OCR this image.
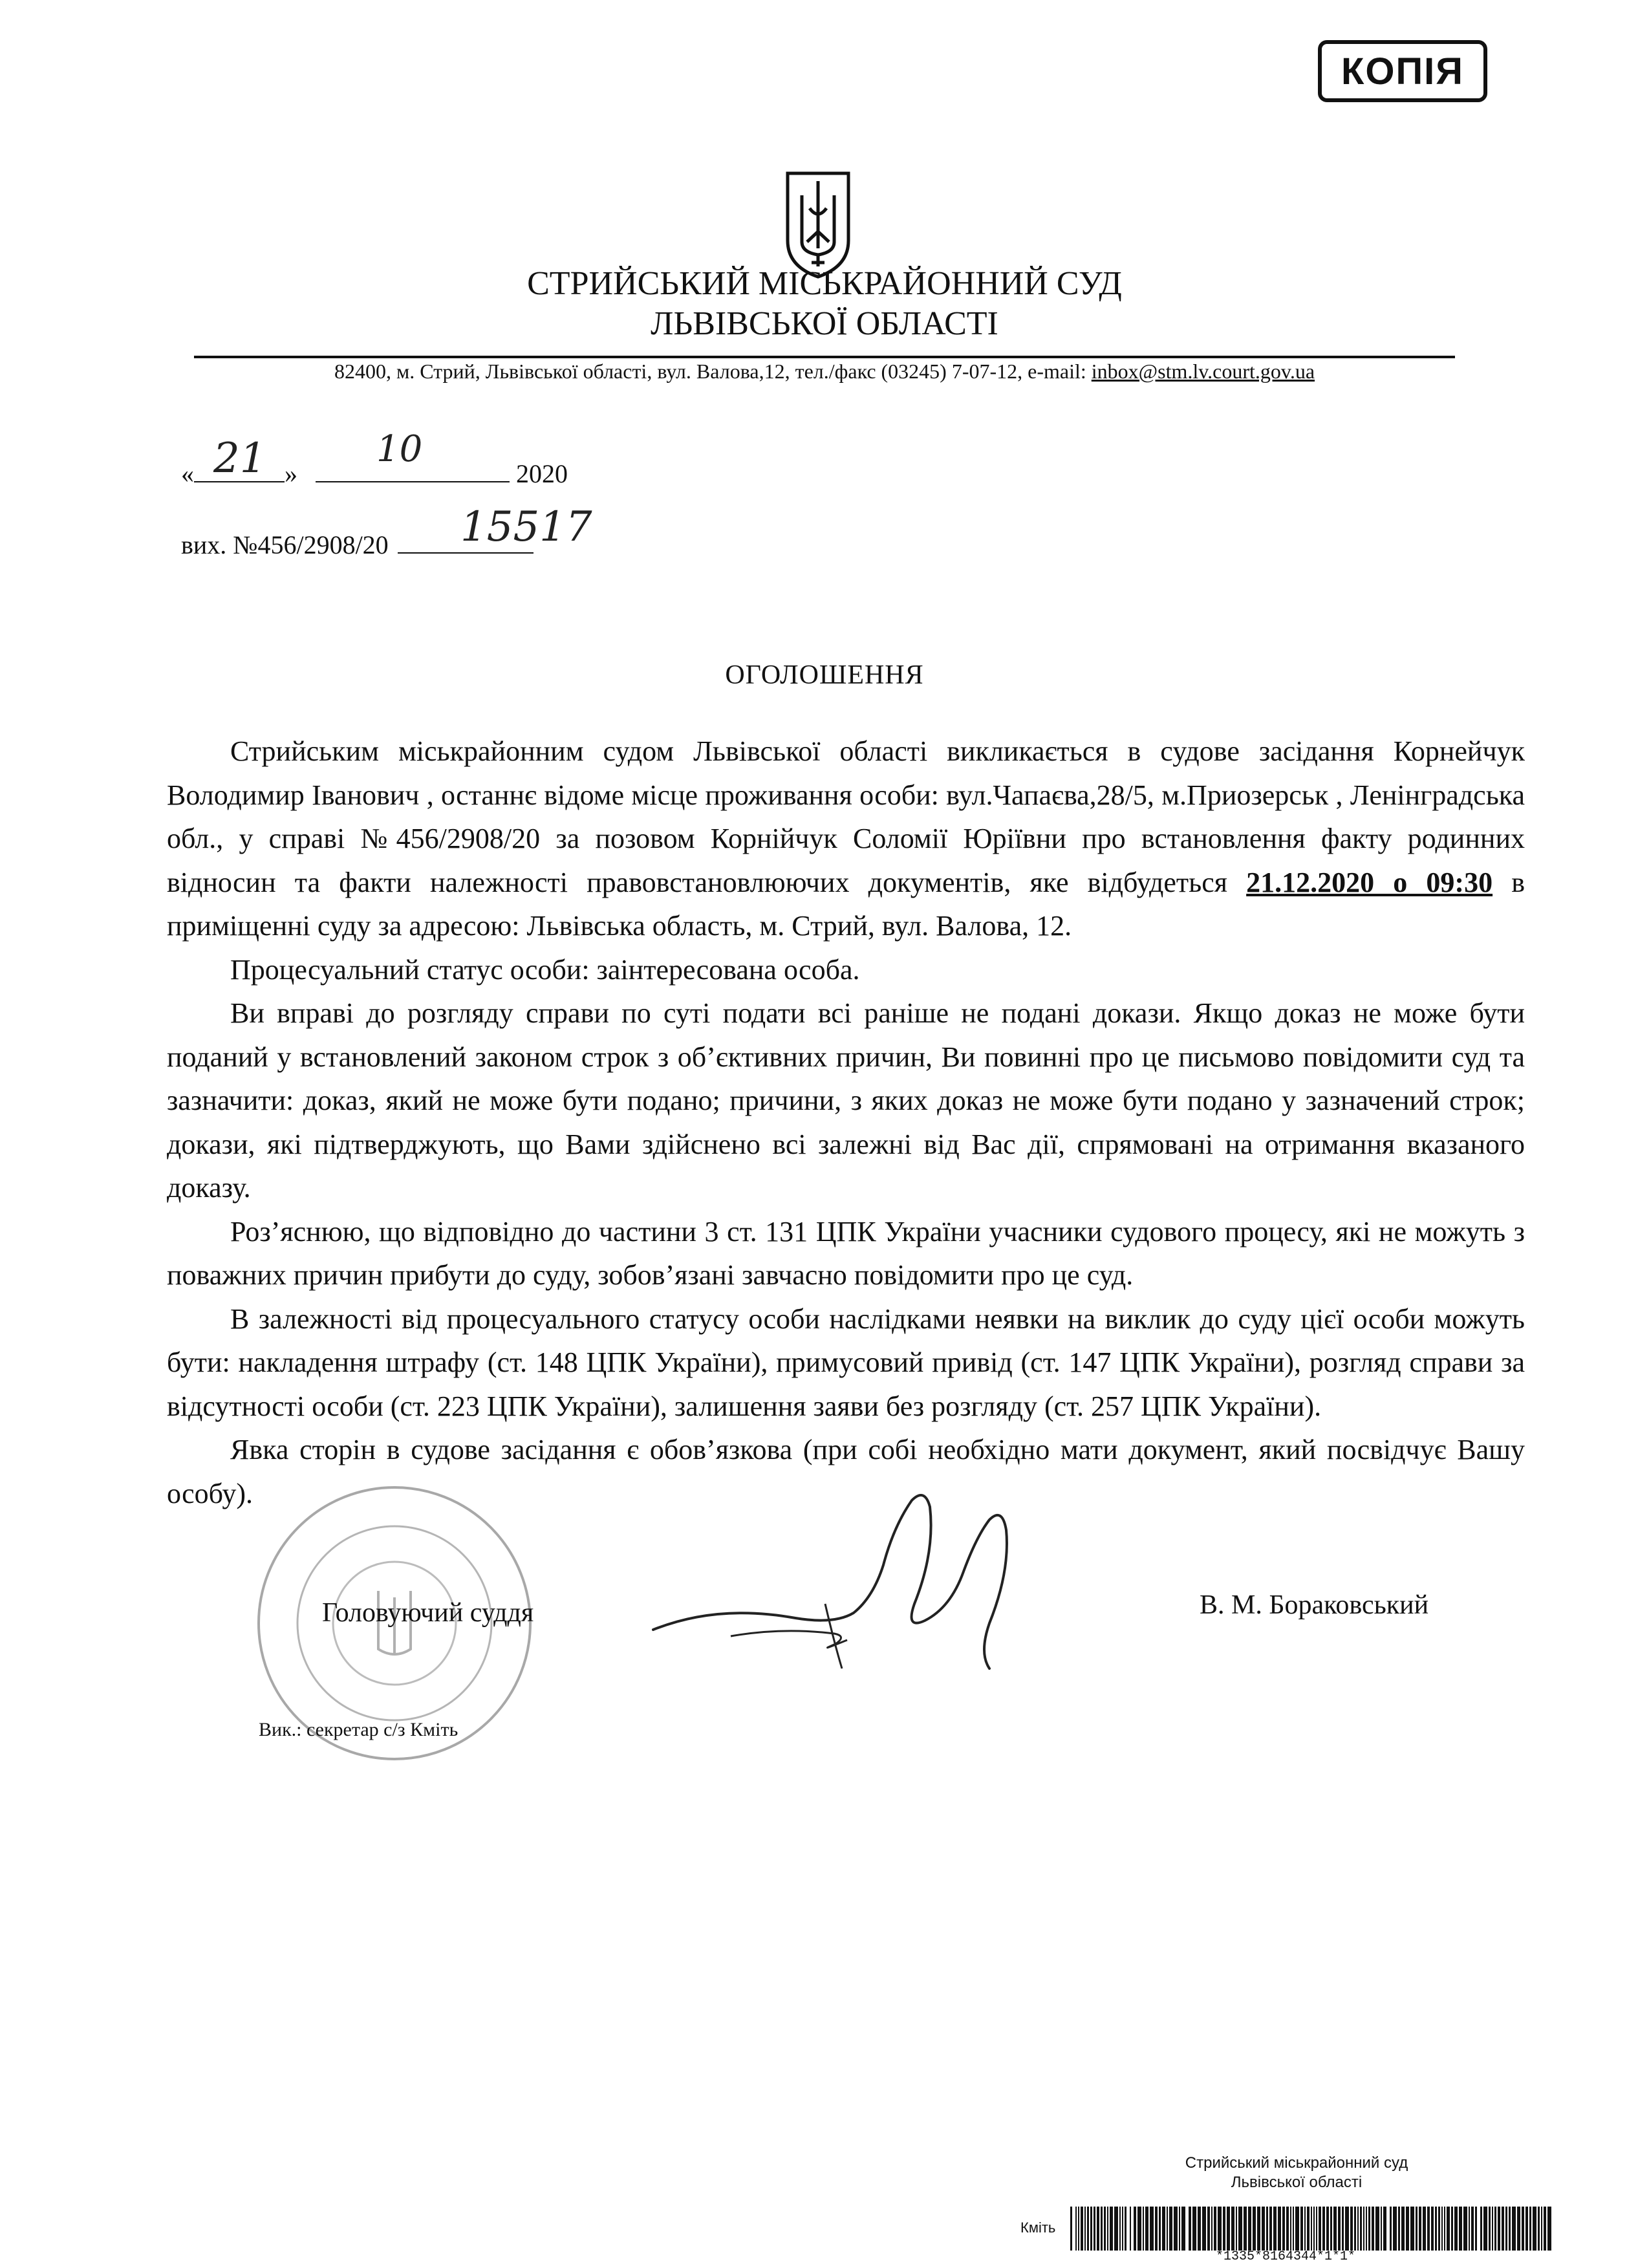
КОПІЯ
СТРИЙСЬКИЙ МІСЬКРАЙОННИЙ СУД
ЛЬВІВСЬКОЇ ОБЛАСТІ
82400, м. Стрий, Львівської області, вул. Валова,12, тел./факс (03245) 7-07-12, e-mail: inbox@stm.lv.court.gov.ua
«	»	2020
21	10
вих. №456/2908/20	15517
ОГОЛОШЕННЯ

Стрийським міськрайонним судом Львівської області викликається в судове засідання Корнейчук Володимир Іванович , останнє відоме місце проживання особи: вул.Чапаєва,28/5, м.Приозерськ , Ленінградська обл., у справі №456/2908/20 за позовом Корнійчук Соломії Юріївни про встановлення факту родинних відносин та факти належності правовстановлюючих документів, яке відбудеться 21.12.2020 о 09:30 в приміщенні суду за адресою: Львівська область, м. Стрий, вул. Валова, 12.

Процесуальний статус особи: заінтересована особа.

Ви вправі до розгляду справи по суті подати всі раніше не подані докази. Якщо доказ не може бути поданий у встановлений законом строк з об’єктивних причин, Ви повинні про це письмово повідомити суд та зазначити: доказ, який не може бути подано; причини, з яких доказ не може бути подано у зазначений строк; докази, які підтверджують, що Вами здійснено всі залежні від Вас дії, спрямовані на отримання вказаного доказу.

Роз’яснюю, що відповідно до частини 3 ст. 131 ЦПК України учасники судового процесу, які не можуть з поважних причин прибути до суду, зобов’язані завчасно повідомити про це суд.

В залежності від процесуального статусу особи наслідками неявки на виклик до суду цієї особи можуть бути: накладення штрафу (ст. 148 ЦПК України), примусовий привід (ст. 147 ЦПК України), розгляд справи за відсутності особи (ст. 223 ЦПК України), залишення заяви без розгляду (ст. 257 ЦПК України).

Явка сторін в судове засідання є обов’язкова (при собі необхідно мати документ, який посвідчує Вашу особу).

Головуючий суддя	В. М. Бораковський
Вик.: секретар с/з Кміть
Стрийський міськрайонний суд
Львівської області
Кміть
*1335*8164344*1*1*
